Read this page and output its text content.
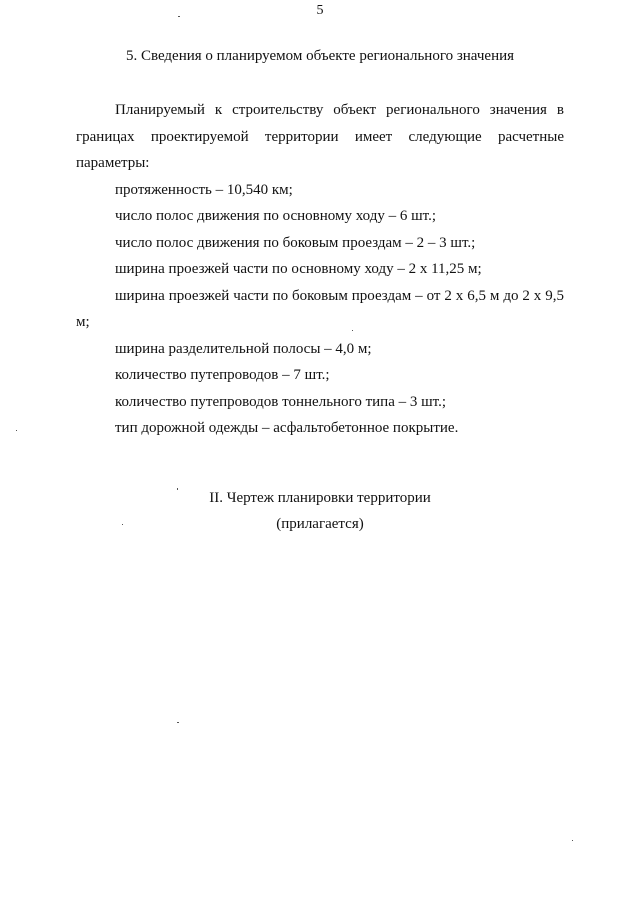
5
5. Сведения о планируемом объекте регионального значения

Планируемый к строительству объект регионального значения в границах проектируемой территории имеет следующие расчетные параметры:

протяженность – 10,540 км;
число полос движения по основному ходу – 6 шт.;
число полос движения по боковым проездам – 2 – 3 шт.;
ширина проезжей части по основному ходу – 2 х 11,25 м;
ширина проезжей части по боковым проездам – от 2 х 6,5 м до 2 х 9,5 м;
ширина разделительной полосы – 4,0 м;
количество путепроводов – 7 шт.;
количество путепроводов тоннельного типа – 3 шт.;
тип дорожной одежды – асфальтобетонное покрытие.
II. Чертеж планировки территории
(прилагается)
